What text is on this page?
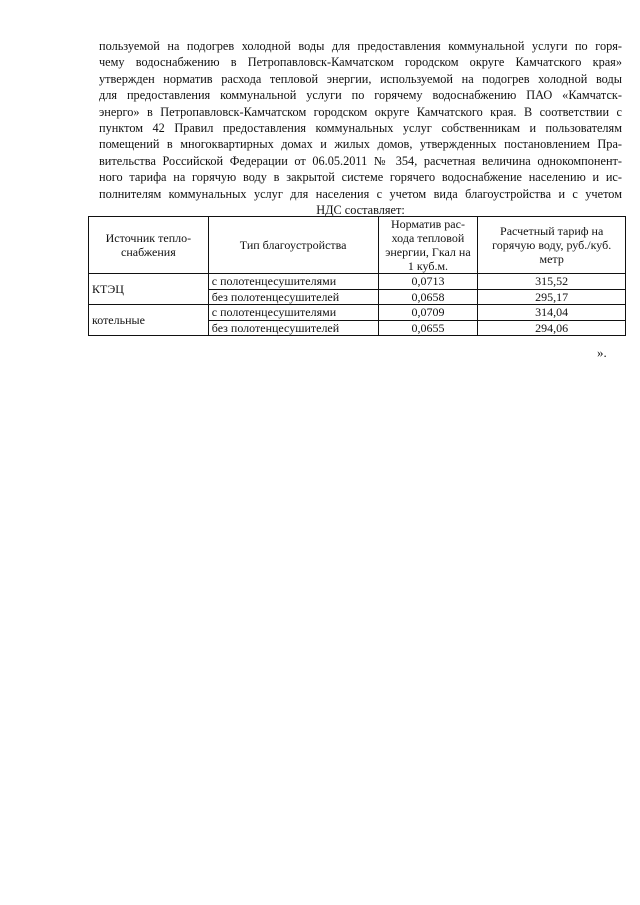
пользуемой на подогрев холодной воды для предоставления коммунальной услуги по горя-
чему водоснабжению в Петропавловск-Камчатском городском округе Камчатского края»
утвержден норматив расхода тепловой энергии, используемой на подогрев холодной воды
для предоставления коммунальной услуги по горячему водоснабжению ПАО «Камчатск-
энерго» в Петропавловск-Камчатском городском округе Камчатского края. В соответствии с
пунктом 42 Правил предоставления коммунальных услуг собственникам и пользователям
помещений в многоквартирных домах и жилых домов, утвержденных постановлением Пра-
вительства Российской Федерации от 06.05.2011 № 354, расчетная величина однокомпонент-
ного тарифа на горячую воду в закрытой системе горячего водоснабжение населению и ис-
полнителям коммунальных услуг для населения с учетом вида благоустройства и с учетом
НДС составляет:
Источник тепло-снабжения	Тип благоустройства	Норматив рас-хода тепловой энергии, Гкал на 1 куб.м.	Расчетный тариф на горячую воду, руб./куб. метр
КТЭЦ	с полотенцесушителями	0,0713	315,52
	без полотенцесушителей	0,0658	295,17
котельные	с полотенцесушителями	0,0709	314,04
	без полотенцесушителей	0,0655	294,06
».
